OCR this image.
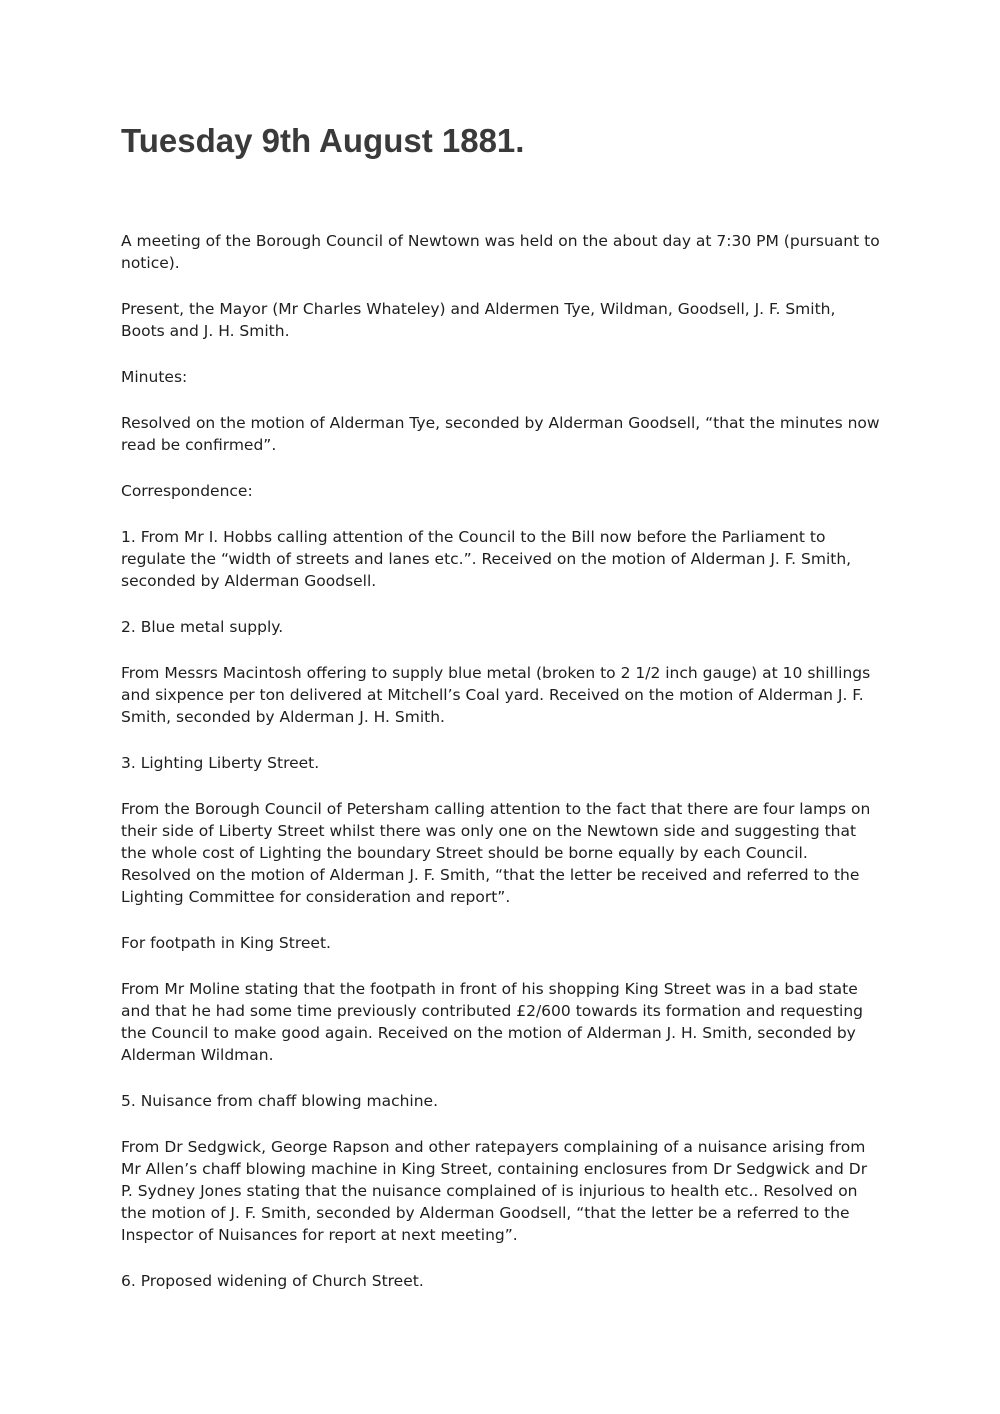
Tuesday 9th August 1881.

A meeting of the Borough Council of Newtown was held on the about day at 7:30 PM (pursuant to notice).

Present, the Mayor (Mr Charles Whateley) and Aldermen Tye, Wildman, Goodsell, J. F. Smith, Boots and J. H. Smith.

Minutes:

Resolved on the motion of Alderman Tye, seconded by Alderman Goodsell, “that the minutes now read be confirmed”.

Correspondence:

1. From Mr I. Hobbs calling attention of the Council to the Bill now before the Parliament to regulate the “width of streets and lanes etc.”. Received on the motion of Alderman J. F. Smith, seconded by Alderman Goodsell.

2. Blue metal supply.

From Messrs Macintosh offering to supply blue metal (broken to 2 1/2 inch gauge) at 10 shillings and sixpence per ton delivered at Mitchell’s Coal yard. Received on the motion of Alderman J. F. Smith, seconded by Alderman J. H. Smith.

3. Lighting Liberty Street.

From the Borough Council of Petersham calling attention to the fact that there are four lamps on their side of Liberty Street whilst there was only one on the Newtown side and suggesting that the whole cost of Lighting the boundary Street should be borne equally by each Council. Resolved on the motion of Alderman J. F. Smith, “that the letter be received and referred to the Lighting Committee for consideration and report”.

For footpath in King Street.

From Mr Moline stating that the footpath in front of his shopping King Street was in a bad state and that he had some time previously contributed £2/600 towards its formation and requesting the Council to make good again. Received on the motion of Alderman J. H. Smith, seconded by Alderman Wildman.

5. Nuisance from chaff blowing machine.

From Dr Sedgwick, George Rapson and other ratepayers complaining of a nuisance arising from Mr Allen’s chaff blowing machine in King Street, containing enclosures from Dr Sedgwick and Dr P. Sydney Jones stating that the nuisance complained of is injurious to health etc.. Resolved on the motion of J. F. Smith, seconded by Alderman Goodsell, “that the letter be a referred to the Inspector of Nuisances for report at next meeting”.

6. Proposed widening of Church Street.
